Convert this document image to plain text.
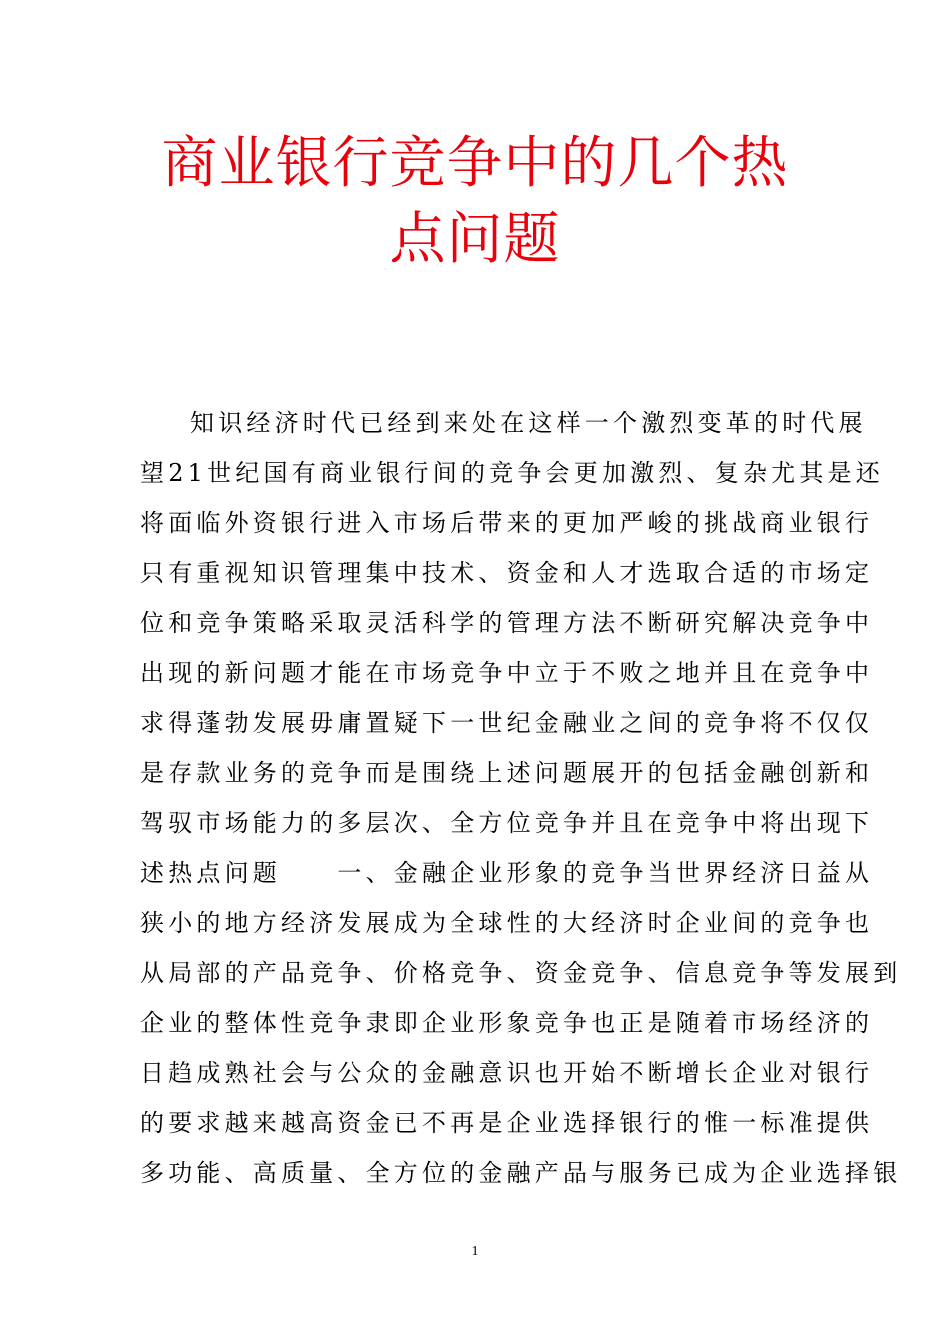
商业银行竞争中的几个热
点问题
知识经济时代已经到来处在这样一个激烈变革的时代展
望21世纪国有商业银行间的竞争会更加激烈、复杂尤其是还
将面临外资银行进入市场后带来的更加严峻的挑战商业银行
只有重视知识管理集中技术、资金和人才选取合适的市场定
位和竞争策略采取灵活科学的管理方法不断研究解决竞争中
出现的新问题才能在市场竞争中立于不败之地并且在竞争中
求得蓬勃发展毋庸置疑下一世纪金融业之间的竞争将不仅仅
是存款业务的竞争而是围绕上述问题展开的包括金融创新和
驾驭市场能力的多层次、全方位竞争并且在竞争中将出现下
述热点问题　　一、金融企业形象的竞争当世界经济日益从
狭小的地方经济发展成为全球性的大经济时企业间的竞争也
从局部的产品竞争、价格竞争、资金竞争、信息竞争等发展到
企业的整体性竞争隶即企业形象竞争也正是随着市场经济的
日趋成熟社会与公众的金融意识也开始不断增长企业对银行
的要求越来越高资金已不再是企业选择银行的惟一标准提供
多功能、高质量、全方位的金融产品与服务已成为企业选择银
1
